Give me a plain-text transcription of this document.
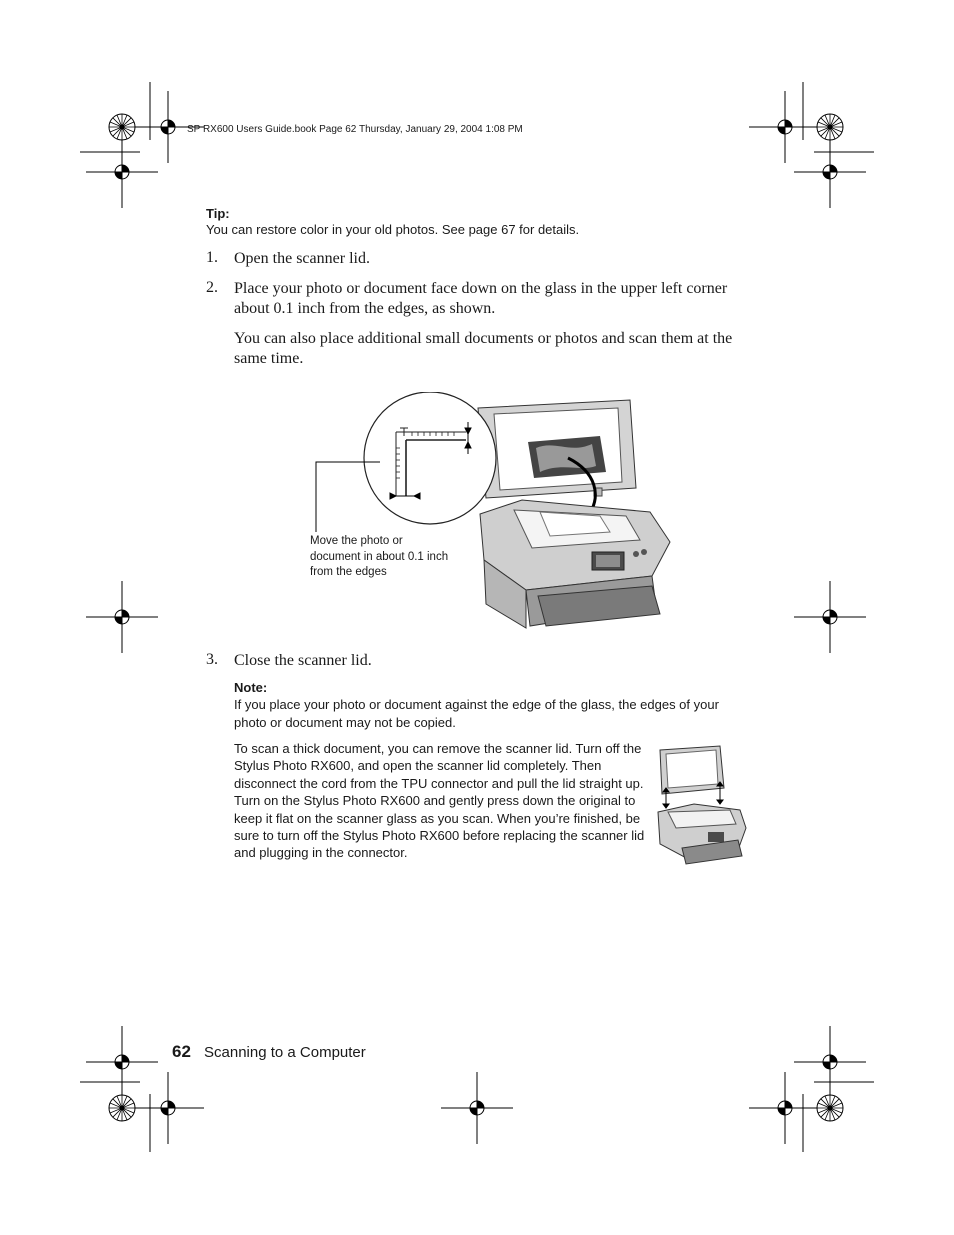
SP RX600 Users Guide.book Page 62 Thursday, January 29, 2004 1:08 PM
Tip:
You can restore color in your old photos. See page 67 for details.
1. Open the scanner lid.
2. Place your photo or document face down on the glass in the upper left corner about 0.1 inch from the edges, as shown.
You can also place additional small documents or photos and scan them at the same time.
Move the photo or document in about 0.1 inch from the edges
3. Close the scanner lid.
Note:
If you place your photo or document against the edge of the glass, the edges of your photo or document may not be copied.
To scan a thick document, you can remove the scanner lid. Turn off the Stylus Photo RX600, and open the scanner lid completely. Then disconnect the cord from the TPU connector and pull the lid straight up. Turn on the Stylus Photo RX600 and gently press down the original to keep it flat on the scanner glass as you scan. When you’re finished, be sure to turn off the Stylus Photo RX600 before replacing the scanner lid and plugging in the connector.
62 Scanning to a Computer
